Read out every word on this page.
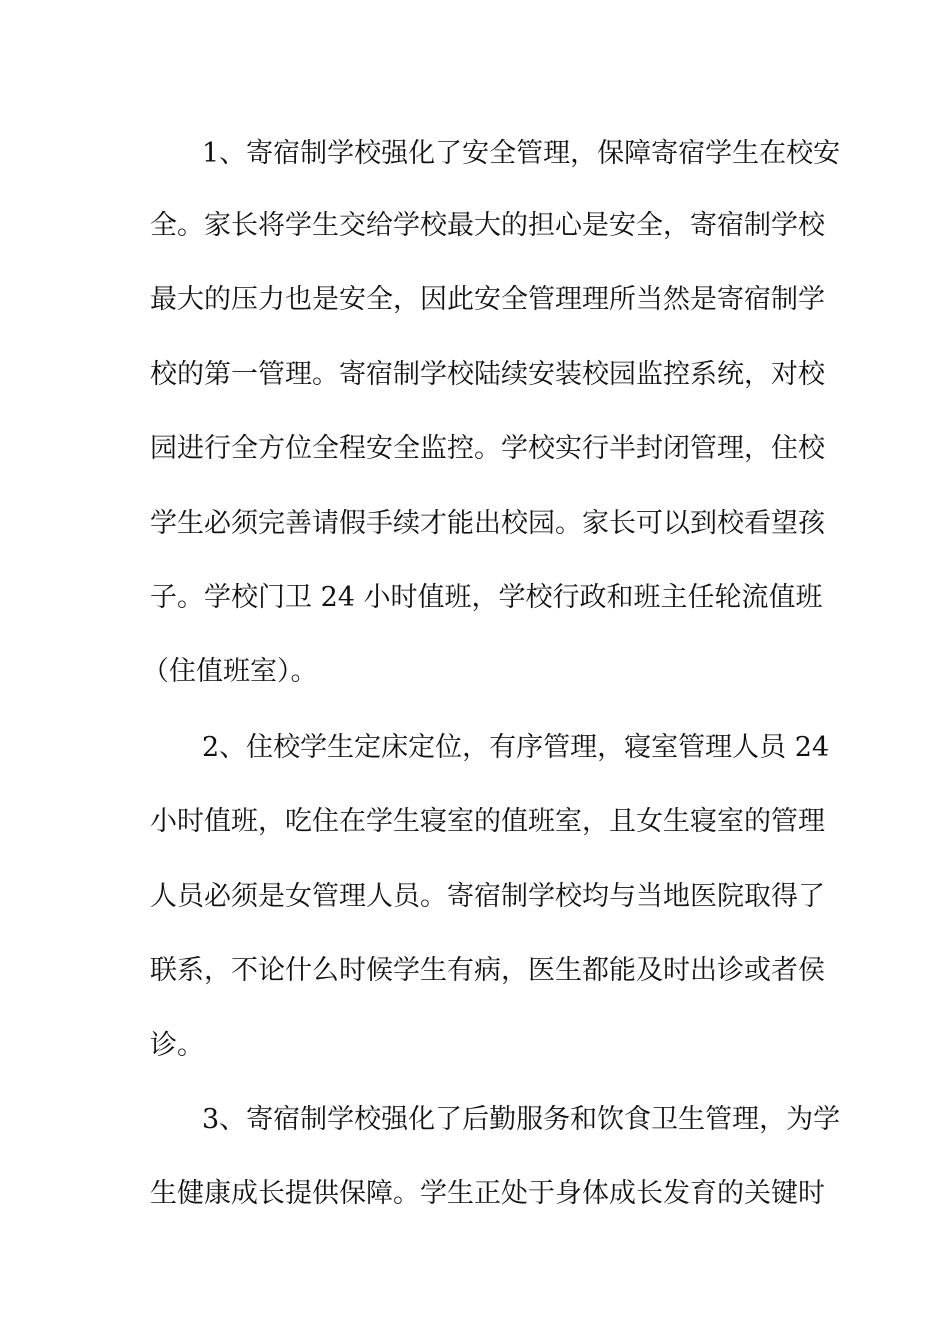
1、寄宿制学校强化了安全管理，保障寄宿学生在校安
全。家长将学生交给学校最大的担心是安全，寄宿制学校
最大的压力也是安全，因此安全管理理所当然是寄宿制学
校的第一管理。寄宿制学校陆续安装校园监控系统，对校
园进行全方位全程安全监控。学校实行半封闭管理，住校
学生必须完善请假手续才能出校园。家长可以到校看望孩
子。学校门卫 24 小时值班，学校行政和班主任轮流值班
（住值班室）。
2、住校学生定床定位，有序管理，寝室管理人员 24
小时值班，吃住在学生寝室的值班室，且女生寝室的管理
人员必须是女管理人员。寄宿制学校均与当地医院取得了
联系，不论什么时候学生有病，医生都能及时出诊或者侯
诊。
3、寄宿制学校强化了后勤服务和饮食卫生管理，为学
生健康成长提供保障。学生正处于身体成长发育的关键时
